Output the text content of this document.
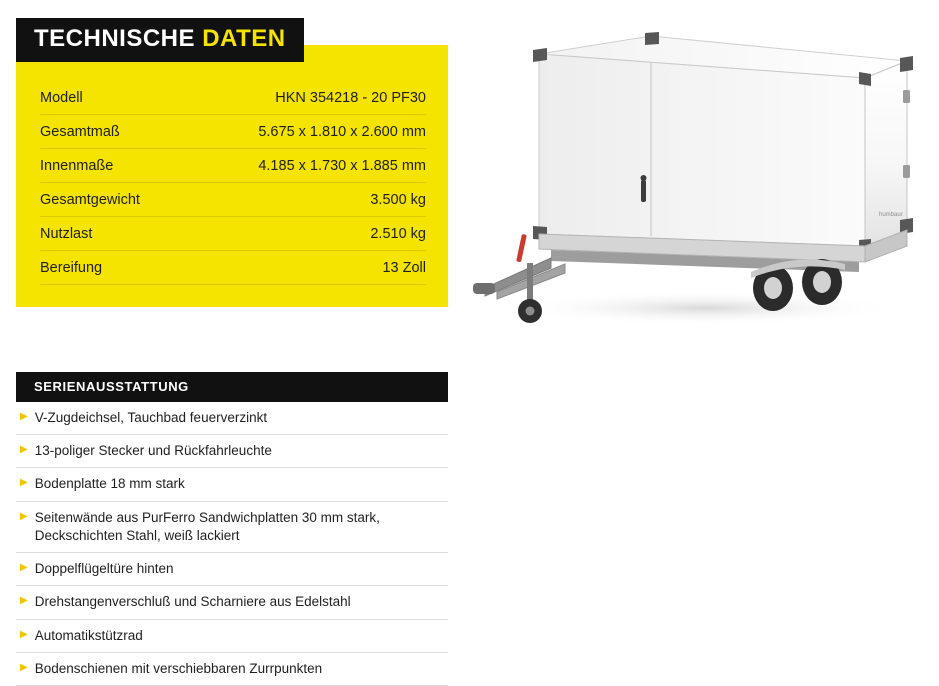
Modell	HKN 354218 - 20 PF30
Gesamtmaß	5.675 x 1.810 x 2.600 mm
Innenmaße	4.185 x 1.730 x 1.885 mm
Gesamtgewicht	3.500 kg
Nutzlast	2.510 kg
Bereifung	13 Zoll
TECHNISCHE DATEN
SERIENAUSSTATTUNG
▶ V-Zugdeichsel, Tauchbad feuerverzinkt
▶ 13-poliger Stecker und Rückfahrleuchte
▶ Bodenplatte 18 mm stark
▶ Seitenwände aus PurFerro Sandwichplatten 30 mm stark,
Deckschichten Stahl, weiß lackiert
▶ Doppelflügeltüre hinten
▶ Drehstangenverschluß und Scharniere aus Edelstahl
▶ Automatikstützrad
▶ Bodenschienen mit verschiebbaren Zurrpunkten
humbaur
